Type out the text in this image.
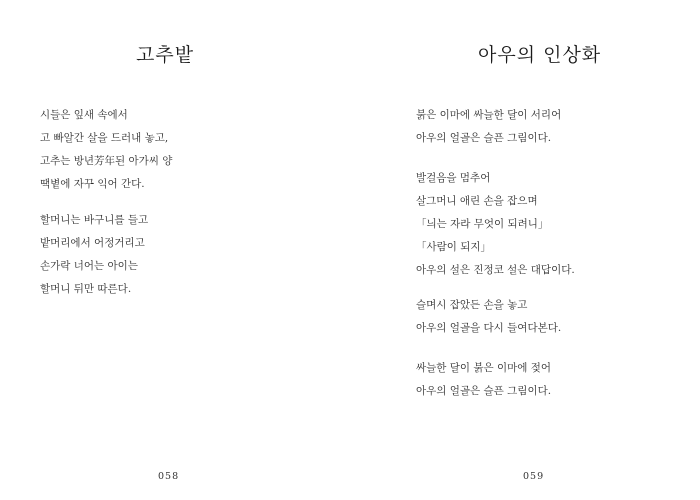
고추밭
시들은 잎새 속에서
고 빠알간 살을 드러내 놓고,
고추는 방년芳年된 아가씨 양
땍볕에 자꾸 익어 간다.
할머니는 바구니를 들고
밭머리에서 어정거리고
손가락 너어는 아이는
할머니 뒤만 따른다.
058
아우의 인상화
붉은 이마에 싸늘한 달이 서리어
아우의 얼골은 슬픈 그림이다.
발걸음을 멈추어
살그머니 애린 손을 잡으며
「늬는 자라 무엇이 되려니」
「사람이 되지」
아우의 설은 진정코 설은 대답이다.
슬며시 잡았든 손을 놓고
아우의 얼골을 다시 들여다본다.
싸늘한 달이 붉은 이마에 젖어
아우의 얼골은 슬픈 그림이다.
059
